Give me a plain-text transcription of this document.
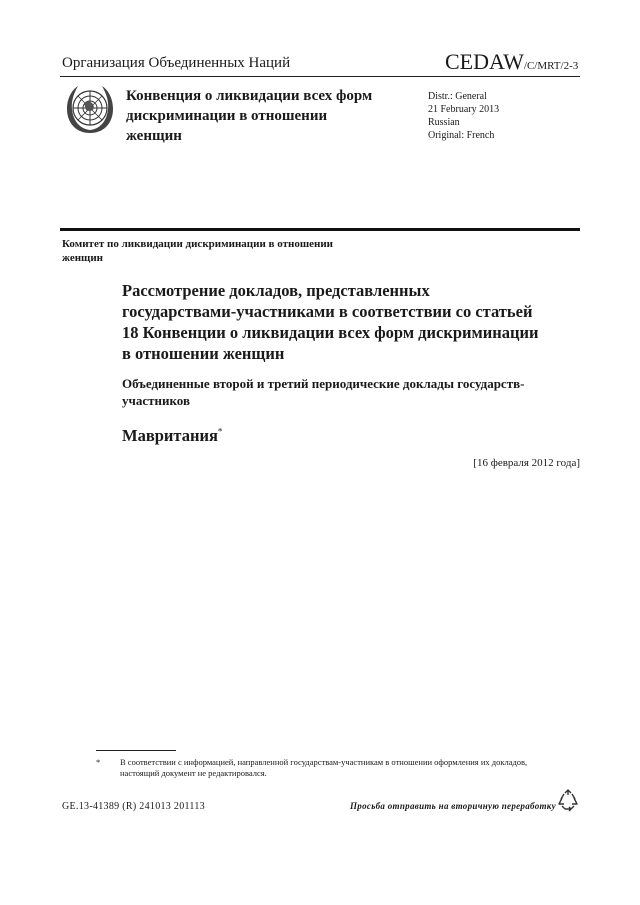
Организация Объединенных Наций	CEDAW/C/MRT/2-3
Конвенция о ликвидации всех форм дискриминации в отношении женщин
Distr.: General
21 February 2013
Russian
Original: French
Комитет по ликвидации дискриминации в отношении женщин
Рассмотрение докладов, представленных государствами-участниками в соответствии со статьей 18 Конвенции о ликвидации всех форм дискриминации в отношении женщин
Объединенные второй и третий периодические доклады государств-участников
Мавритания*
[16 февраля 2012 года]
* В соответствии с информацией, направленной государствам-участникам в отношении оформления их докладов, настоящий документ не редактировался.
GE.13-41389 (R) 241013 201113	Просьба отправить на вторичную переработку
